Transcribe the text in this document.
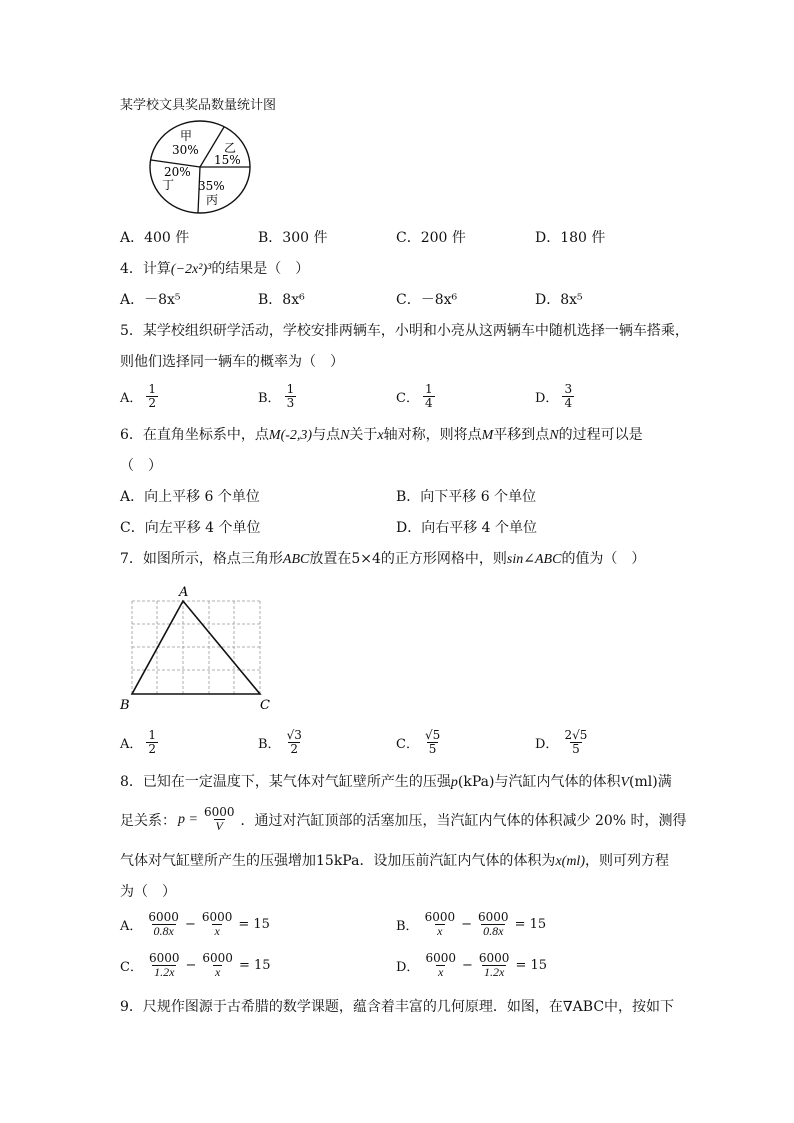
某学校文具奖品数量统计图
甲
30% 乙
15%
35%
丙
20%
丁
A．400 件	B．300 件	C．200 件	D．180 件
4．计算(−2x²)³的结果是（　）
A．－8x⁵	B．8x⁶	C．－8x⁶	D．8x⁵
5．某学校组织研学活动，学校安排两辆车，小明和小亮从这两辆车中随机选择一辆车搭乘，
则他们选择同一辆车的概率为（　）
A． $\frac{1}{2}$	B． $\frac{1}{3}$	C． $\frac{1}{4}$	D． $\frac{3}{4}$
6．在直角坐标系中，点M(-2,3)与点N关于x轴对称，则将点M平移到点N的过程可以是
（　）
A．向上平移 6 个单位	B．向下平移 6 个单位
C．向左平移 4 个单位	D．向右平移 4 个单位
7．如图所示，格点三角形ABC放置在5×4的正方形网格中，则sin∠ABC的值为（　）
A
B	C
A． $\frac{1}{2}$	B． $\frac{√3}{2}$	C． $\frac{√5}{5}$	D． $\frac{2√5}{5}$
8．已知在一定温度下，某气体对气缸壁所产生的压强p(kPa)与汽缸内气体的体积V(ml)满
足关系： $p = \frac{6000}{V}$ ．通过对汽缸顶部的活塞加压，当汽缸内气体的体积减少 20% 时，测得
气体对气缸壁所产生的压强增加15kPa．设加压前汽缸内气体的体积为x(ml)，则可列方程
为（　）
A． $\frac{6000}{0.8x} - \frac{6000}{x} = 15$	B． $\frac{6000}{x} - \frac{6000}{0.8x} = 15$
C． $\frac{6000}{1.2x} - \frac{6000}{x} = 15$	D． $\frac{6000}{x} - \frac{6000}{1.2x} = 15$
9．尺规作图源于古希腊的数学课题，蕴含着丰富的几何原理．如图，在∇ABC中，按如下
